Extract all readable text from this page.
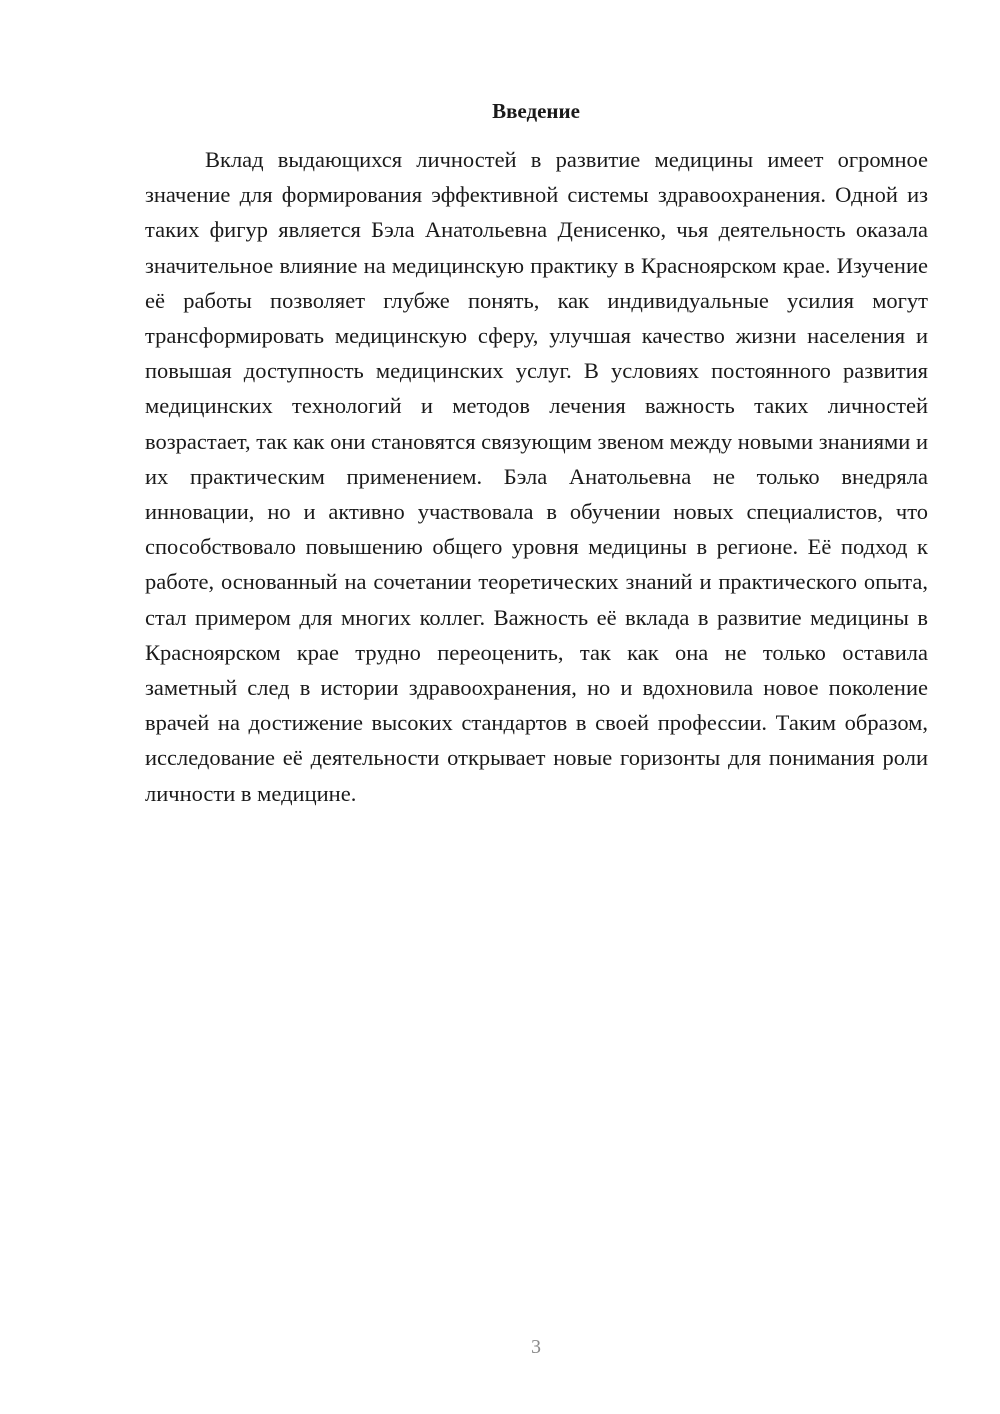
Введение

Вклад выдающихся личностей в развитие медицины имеет огромное значение для формирования эффективной системы здравоохранения. Одной из таких фигур является Бэла Анатольевна Денисенко, чья деятельность оказала значительное влияние на медицинскую практику в Красноярском крае. Изучение её работы позволяет глубже понять, как индивидуальные усилия могут трансформировать медицинскую сферу, улучшая качество жизни населения и повышая доступность медицинских услуг. В условиях постоянного развития медицинских технологий и методов лечения важность таких личностей возрастает, так как они становятся связующим звеном между новыми знаниями и их практическим применением. Бэла Анатольевна не только внедряла инновации, но и активно участвовала в обучении новых специалистов, что способствовало повышению общего уровня медицины в регионе. Её подход к работе, основанный на сочетании теоретических знаний и практического опыта, стал примером для многих коллег. Важность её вклада в развитие медицины в Красноярском крае трудно переоценить, так как она не только оставила заметный след в истории здравоохранения, но и вдохновила новое поколение врачей на достижение высоких стандартов в своей профессии. Таким образом, исследование её деятельности открывает новые горизонты для понимания роли личности в медицине.

3
